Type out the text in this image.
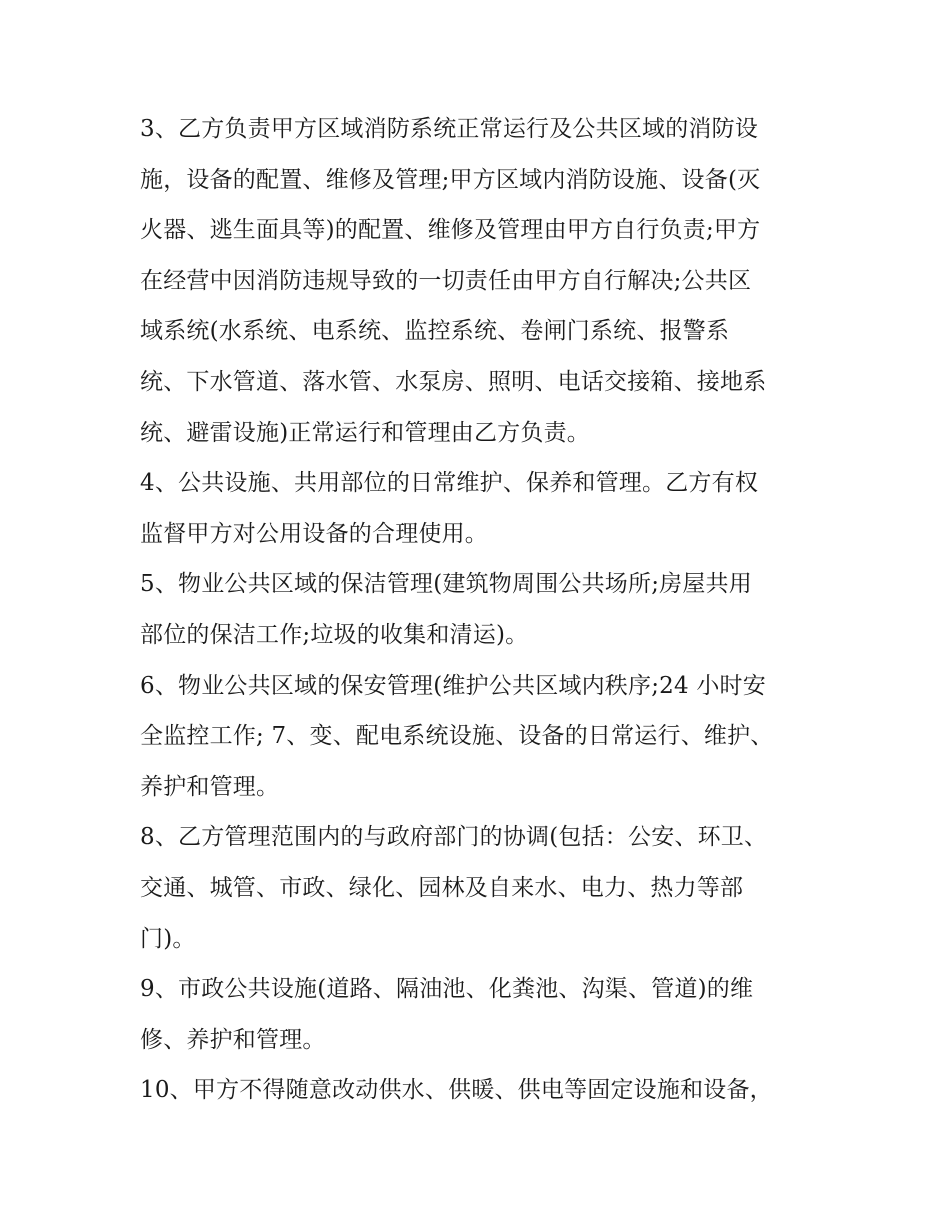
3、乙方负责甲方区域消防系统正常运行及公共区域的消防设
施，设备的配置、维修及管理;甲方区域内消防设施、设备(灭
火器、逃生面具等)的配置、维修及管理由甲方自行负责;甲方
在经营中因消防违规导致的一切责任由甲方自行解决;公共区
域系统(水系统、电系统、监控系统、卷闸门系统、报警系
统、下水管道、落水管、水泵房、照明、电话交接箱、接地系
统、避雷设施)正常运行和管理由乙方负责。
4、公共设施、共用部位的日常维护、保养和管理。乙方有权
监督甲方对公用设备的合理使用。
5、物业公共区域的保洁管理(建筑物周围公共场所;房屋共用
部位的保洁工作;垃圾的收集和清运)。
6、物业公共区域的保安管理(维护公共区域内秩序;24 小时安
全监控工作; 7、变、配电系统设施、设备的日常运行、维护、
养护和管理。
8、乙方管理范围内的与政府部门的协调(包括：公安、环卫、
交通、城管、市政、绿化、园林及自来水、电力、热力等部
门)。
9、市政公共设施(道路、隔油池、化粪池、沟渠、管道)的维
修、养护和管理。
10、甲方不得随意改动供水、供暖、供电等固定设施和设备，
